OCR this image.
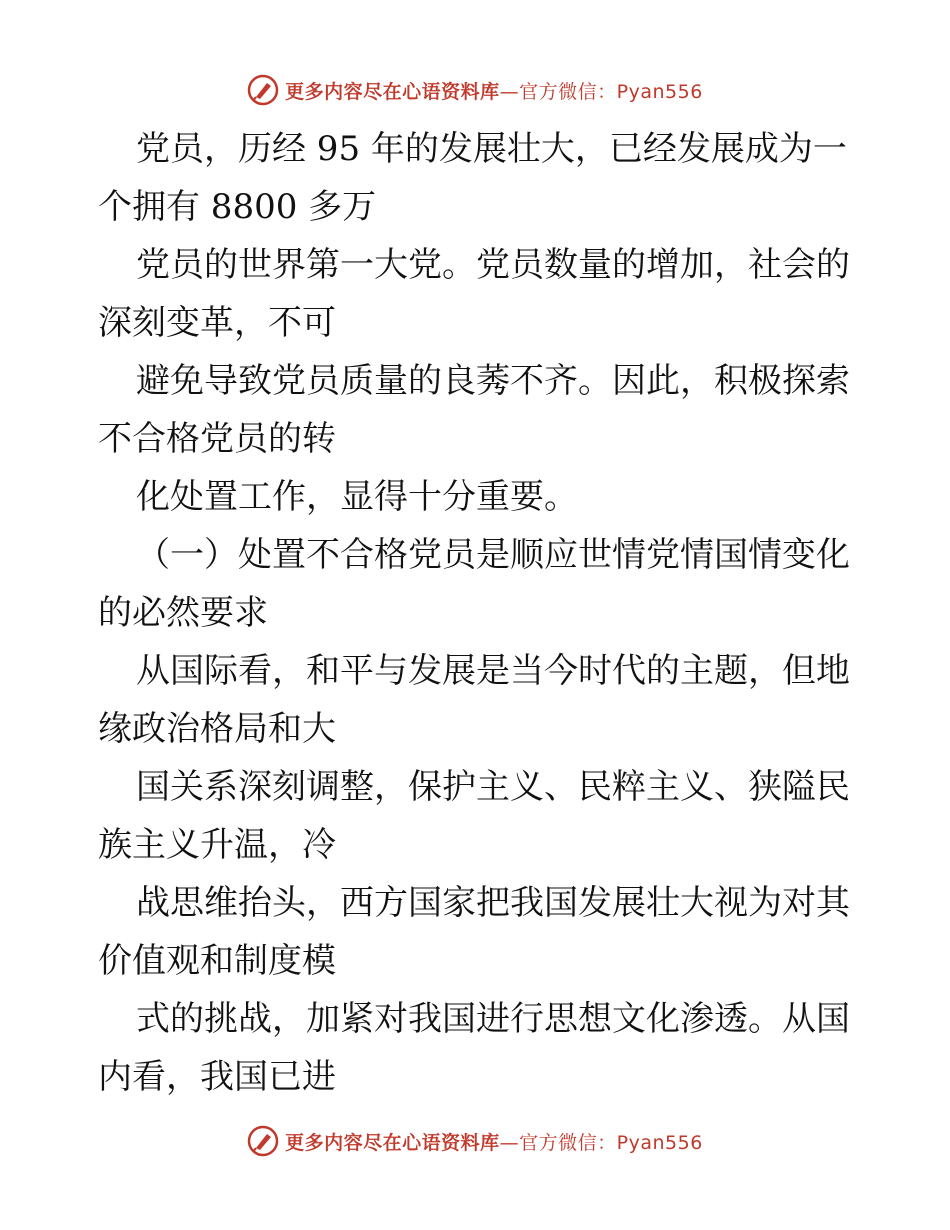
更多内容尽在心语资料库 —官方微信：Pyan556

党员，历经 95 年的发展壮大，已经发展成为一
个拥有 8800 多万

党员的世界第一大党。党员数量的增加，社会的
深刻变革，不可

避免导致党员质量的良莠不齐。因此，积极探索
不合格党员的转

化处置工作，显得十分重要。

（一）处置不合格党员是顺应世情党情国情变化
的必然要求

从国际看，和平与发展是当今时代的主题，但地
缘政治格局和大

国关系深刻调整，保护主义、民粹主义、狭隘民
族主义升温，冷

战思维抬头，西方国家把我国发展壮大视为对其
价值观和制度模

式的挑战，加紧对我国进行思想文化渗透。从国
内看，我国已进

更多内容尽在心语资料库 —官方微信：Pyan556
